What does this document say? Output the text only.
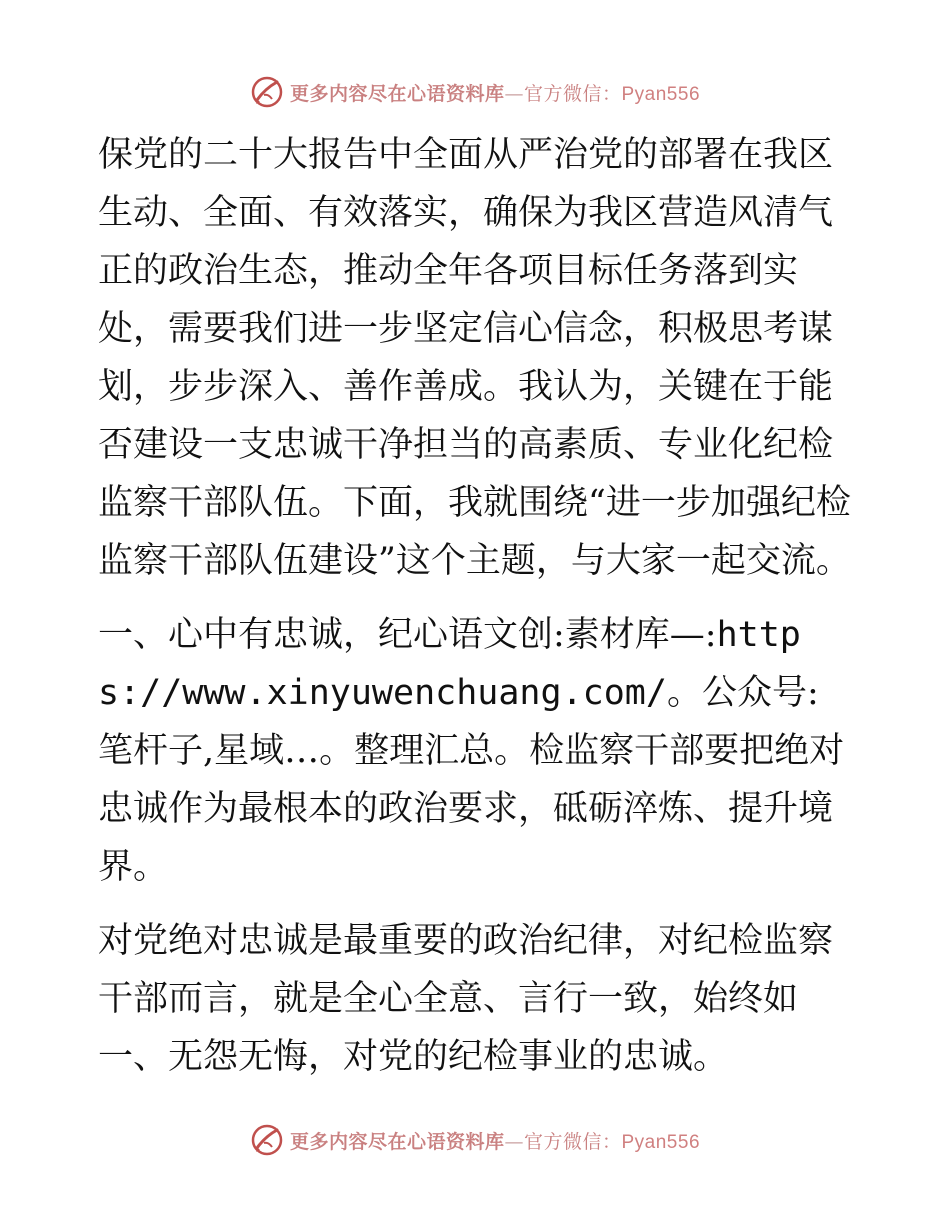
更多内容尽在心语资料库—官方微信：Pyan556

保党的二十大报告中全面从严治党的部署在我区生动、全面、有效落实，确保为我区营造风清气正的政治生态，推动全年各项目标任务落到实处，需要我们进一步坚定信心信念，积极思考谋划，步步深入、善作善成。我认为，关键在于能否建设一支忠诚干净担当的高素质、专业化纪检监察干部队伍。下面，我就围绕“进一步加强纪检监察干部队伍建设”这个主题，与大家一起交流。

一、心中有忠诚，纪心语文创:素材库—:https://www.xinyuwenchuang.com/。公众号: 笔杆子,星域…。整理汇总。检监察干部要把绝对忠诚作为最根本的政治要求，砥砺淬炼、提升境界。

对党绝对忠诚是最重要的政治纪律，对纪检监察干部而言，就是全心全意、言行一致，始终如一、无怨无悔，对党的纪检事业的忠诚。

更多内容尽在心语资料库—官方微信：Pyan556
